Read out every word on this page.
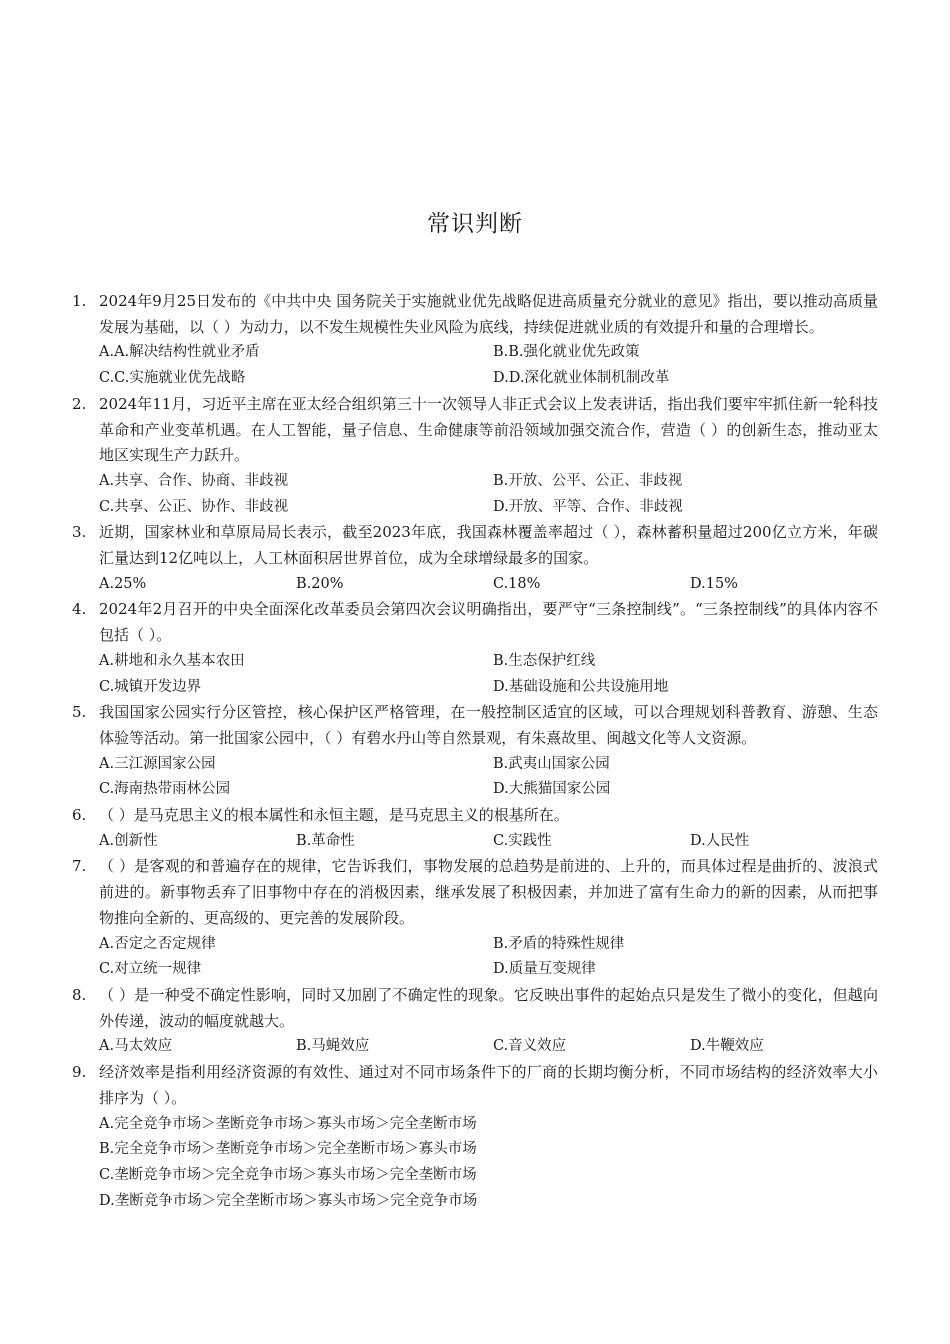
常识判断
1. 2024年9月25日发布的《中共中央 国务院关于实施就业优先战略促进高质量充分就业的意见》指出，要以推动高质量发展为基础，以（ ）为动力，以不发生规模性失业风险为底线，持续促进就业质的有效提升和量的合理增长。
A.A.解决结构性就业矛盾	B.B.强化就业优先政策
C.C.实施就业优先战略	D.D.深化就业体制机制改革
2. 2024年11月，习近平主席在亚太经合组织第三十一次领导人非正式会议上发表讲话，指出我们要牢牢抓住新一轮科技革命和产业变革机遇。在人工智能，量子信息、生命健康等前沿领域加强交流合作，营造（ ）的创新生态，推动亚太地区实现生产力跃升。
A.共享、合作、协商、非歧视	B.开放、公平、公正、非歧视
C.共享、公正、协作、非歧视	D.开放、平等、合作、非歧视
3. 近期，国家林业和草原局局长表示，截至2023年底，我国森林覆盖率超过（ ），森林蓄积量超过200亿立方米，年碳汇量达到12亿吨以上，人工林面积居世界首位，成为全球增绿最多的国家。
A.25%	B.20%	C.18%	D.15%
4. 2024年2月召开的中央全面深化改革委员会第四次会议明确指出，要严守“三条控制线”。“三条控制线”的具体内容不包括（ ）。
A.耕地和永久基本农田	B.生态保护红线
C.城镇开发边界	D.基础设施和公共设施用地
5. 我国国家公园实行分区管控，核心保护区严格管理，在一般控制区适宜的区域，可以合理规划科普教育、游憩、生态体验等活动。第一批国家公园中，（ ）有碧水丹山等自然景观，有朱熹故里、闽越文化等人文资源。
A.三江源国家公园	B.武夷山国家公园
C.海南热带雨林公园	D.大熊猫国家公园
6. （ ）是马克思主义的根本属性和永恒主题，是马克思主义的根基所在。
A.创新性	B.革命性	C.实践性	D.人民性
7. （ ）是客观的和普遍存在的规律，它告诉我们，事物发展的总趋势是前进的、上升的，而具体过程是曲折的、波浪式前进的。新事物丢弃了旧事物中存在的消极因素，继承发展了积极因素，并加进了富有生命力的新的因素，从而把事物推向全新的、更高级的、更完善的发展阶段。
A.否定之否定规律	B.矛盾的特殊性规律
C.对立统一规律	D.质量互变规律
8. （ ）是一种受不确定性影响，同时又加剧了不确定性的现象。它反映出事件的起始点只是发生了微小的变化，但越向外传递，波动的幅度就越大。
A.马太效应	B.马蝇效应	C.音义效应	D.牛鞭效应
9. 经济效率是指利用经济资源的有效性、通过对不同市场条件下的厂商的长期均衡分析，不同市场结构的经济效率大小排序为（ ）。
A.完全竞争市场＞垄断竞争市场＞寡头市场＞完全垄断市场
B.完全竞争市场＞垄断竞争市场＞完全垄断市场＞寡头市场
C.垄断竞争市场＞完全竞争市场＞寡头市场＞完全垄断市场
D.垄断竞争市场＞完全垄断市场＞寡头市场＞完全竞争市场
